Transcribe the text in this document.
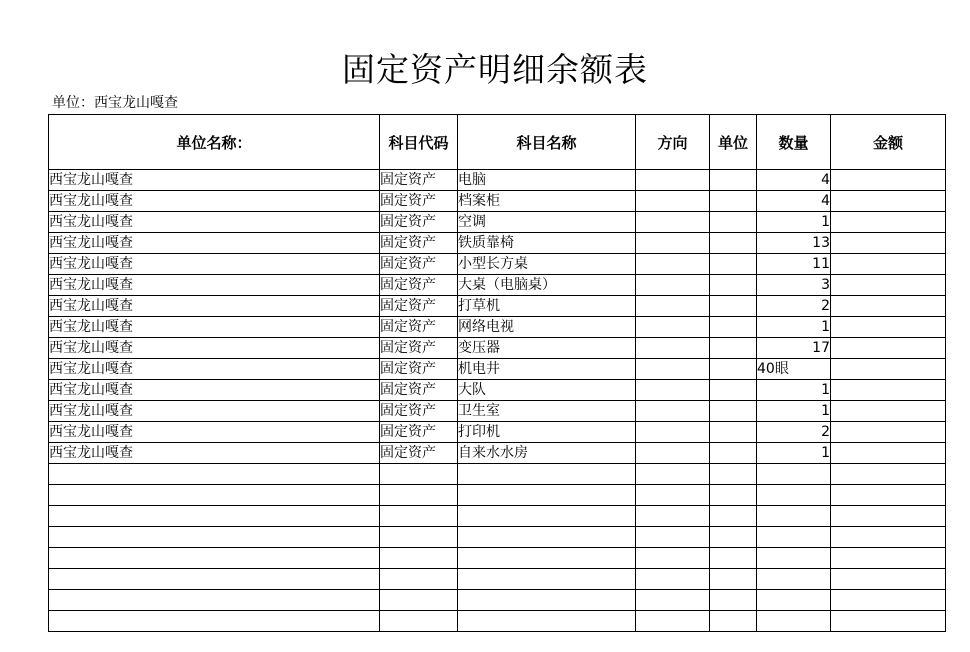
固定资产明细余额表
单位：西宝龙山嘎查
单位名称：	科目代码	科目名称	方向	单位	数量	金额
西宝龙山嘎查	固定资产	电脑			4	
西宝龙山嘎查	固定资产	档案柜			4	
西宝龙山嘎查	固定资产	空调			1	
西宝龙山嘎查	固定资产	铁质靠椅			13	
西宝龙山嘎查	固定资产	小型长方桌			11	
西宝龙山嘎查	固定资产	大桌（电脑桌）			3	
西宝龙山嘎查	固定资产	打草机			2	
西宝龙山嘎查	固定资产	网络电视			1	
西宝龙山嘎查	固定资产	变压器			17	
西宝龙山嘎查	固定资产	机电井			40眼	
西宝龙山嘎查	固定资产	大队			1	
西宝龙山嘎查	固定资产	卫生室			1	
西宝龙山嘎查	固定资产	打印机			2	
西宝龙山嘎查	固定资产	自来水水房			1	
